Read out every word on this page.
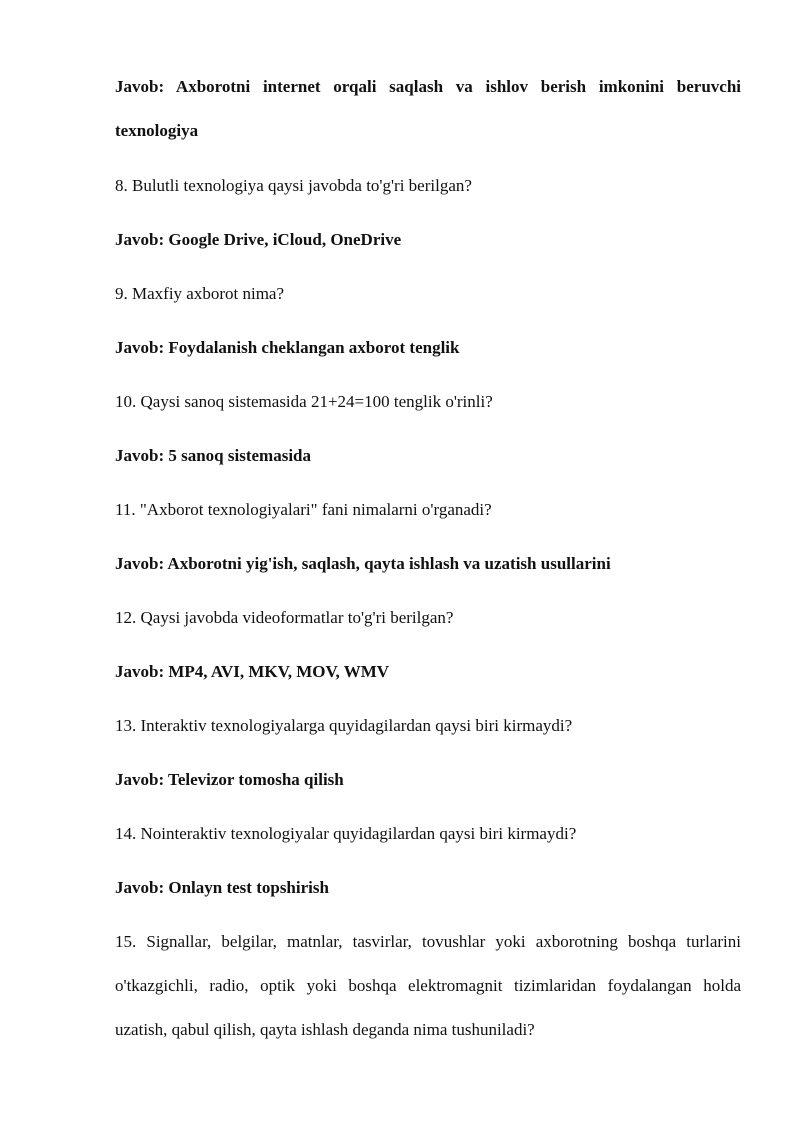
Javob: Axborotni internet orqali saqlash va ishlov berish imkonini beruvchi
texnologiya
8. Bulutli texnologiya qaysi javobda to'g'ri berilgan?
Javob: Google Drive, iCloud, OneDrive
9. Maxfiy axborot nima?
Javob: Foydalanish cheklangan axborot tenglik
10. Qaysi sanoq sistemasida 21+24=100 tenglik o'rinli?
Javob: 5 sanoq sistemasida
11. "Axborot texnologiyalari" fani nimalarni o'rganadi?
Javob: Axborotni yig'ish, saqlash, qayta ishlash va uzatish usullarini
12. Qaysi javobda videoformatlar to'g'ri berilgan?
Javob: MP4, AVI, MKV, MOV, WMV
13. Interaktiv texnologiyalarga quyidagilardan qaysi biri kirmaydi?
Javob: Televizor tomosha qilish
14. Nointeraktiv texnologiyalar quyidagilardan qaysi biri kirmaydi?
Javob: Onlayn test topshirish
15. Signallar, belgilar, matnlar, tasvirlar, tovushlar yoki axborotning boshqa turlarini
o'tkazgichli, radio, optik yoki boshqa elektromagnit tizimlaridan foydalangan holda
uzatish, qabul qilish, qayta ishlash deganda nima tushuniladi?
